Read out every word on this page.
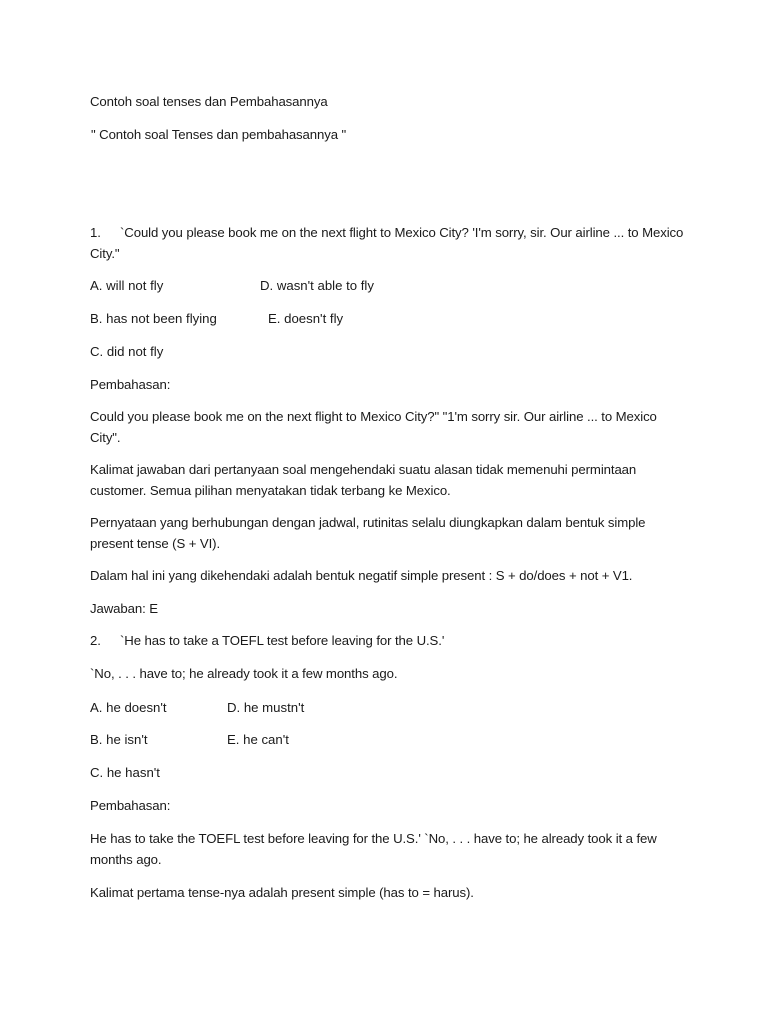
Contoh soal tenses dan Pembahasannya
" Contoh soal Tenses dan pembahasannya "
1. `Could you please book me on the next flight to Mexico City? 'I'm sorry, sir. Our airline ... to Mexico
City."
A. will not fly	D. wasn't able to fly
B. has not been flying	E. doesn't fly
C. did not fly
Pembahasan:
Could you please book me on the next flight to Mexico City?" "1'm sorry sir. Our airline ... to Mexico
City".
Kalimat jawaban dari pertanyaan soal mengehendaki suatu alasan tidak memenuhi permintaan
customer. Semua pilihan menyatakan tidak terbang ke Mexico.
Pernyataan yang berhubungan dengan jadwal, rutinitas selalu diungkapkan dalam bentuk simple
present tense (S + VI).
Dalam hal ini yang dikehendaki adalah bentuk negatif simple present : S + do/does + not + V1.
Jawaban: E
2. `He has to take a TOEFL test before leaving for the U.S.'
`No, . . . have to; he already took it a few months ago.
A. he doesn't	D. he mustn't
B. he isn't	E. he can't
C. he hasn't
Pembahasan:
He has to take the TOEFL test before leaving for the U.S.' `No, . . . have to; he already took it a few
months ago.
Kalimat pertama tense-nya adalah present simple (has to = harus).
